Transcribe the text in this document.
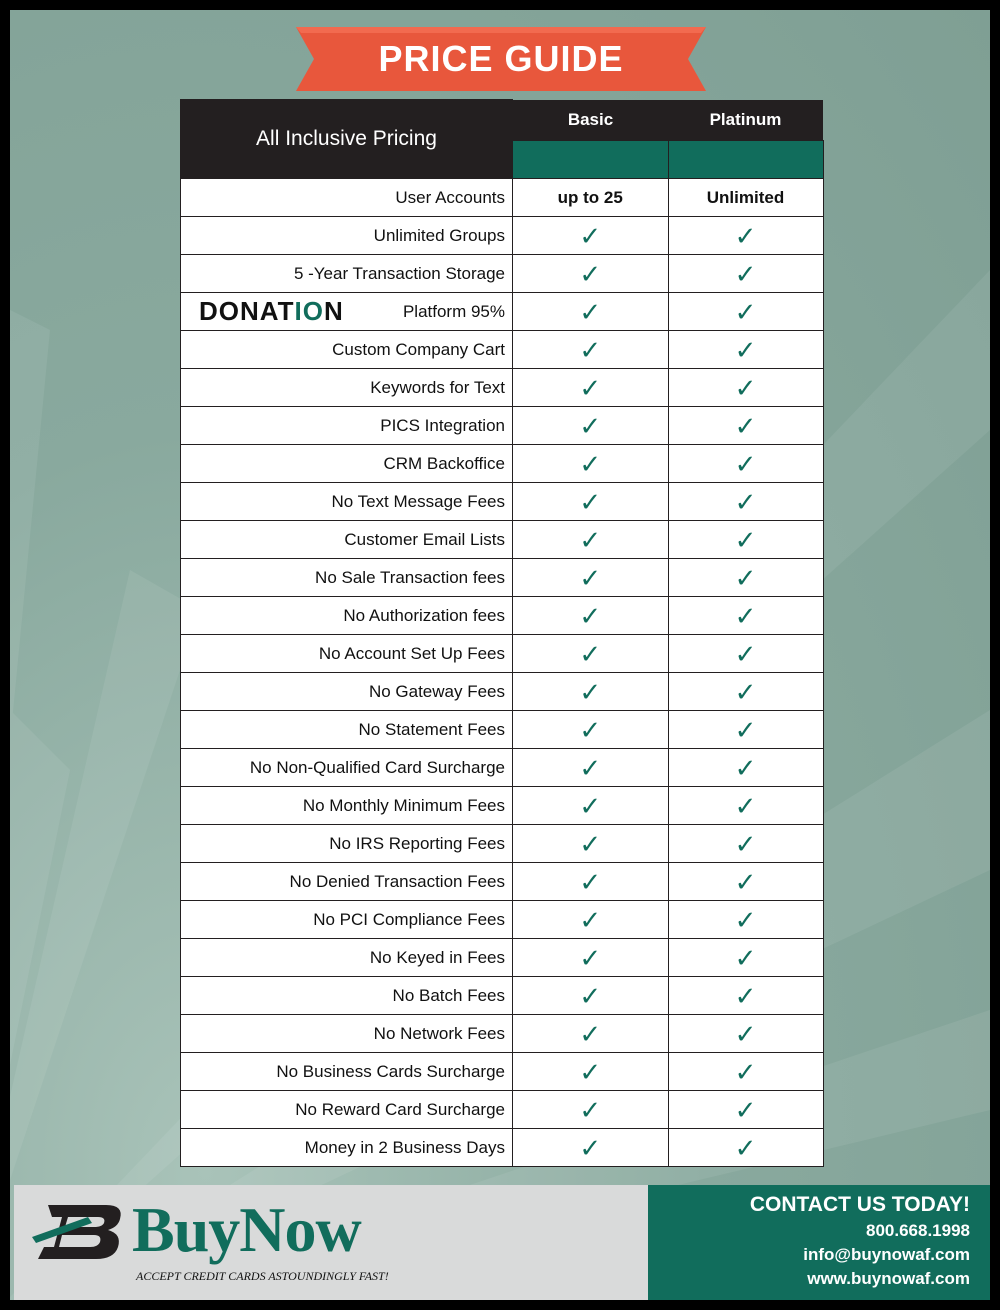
PRICE GUIDE
All Inclusive Pricing	Basic	Platinum

User Accounts	up to 25	Unlimited
Unlimited Groups	✓	✓
5 -Year Transaction Storage	✓	✓

DONAT IO N Platform 95%	✓	✓
Custom Company Cart	✓	✓
Keywords for Text	✓	✓
PICS Integration	✓	✓
CRM Backoffice	✓	✓
No Text Message Fees	✓	✓
Customer Email Lists	✓	✓
No Sale Transaction fees	✓	✓
No Authorization fees	✓	✓
No Account Set Up Fees	✓	✓
No Gateway Fees	✓	✓
No Statement Fees	✓	✓
No Non-Qualified Card Surcharge	✓	✓
No Monthly Minimum Fees	✓	✓
No IRS Reporting Fees	✓	✓
No Denied Transaction Fees	✓	✓
No PCI Compliance Fees	✓	✓
No Keyed in Fees	✓	✓
No Batch Fees	✓	✓
No Network Fees	✓	✓
No Business Cards Surcharge	✓	✓
No Reward Card Surcharge	✓	✓
Money in 2 Business Days	✓	✓
BuyNow
ACCEPT CREDIT CARDS ASTOUNDINGLY FAST!
CONTACT US TODAY!
800.668.1998
info@buynowaf.com
www.buynowaf.com
